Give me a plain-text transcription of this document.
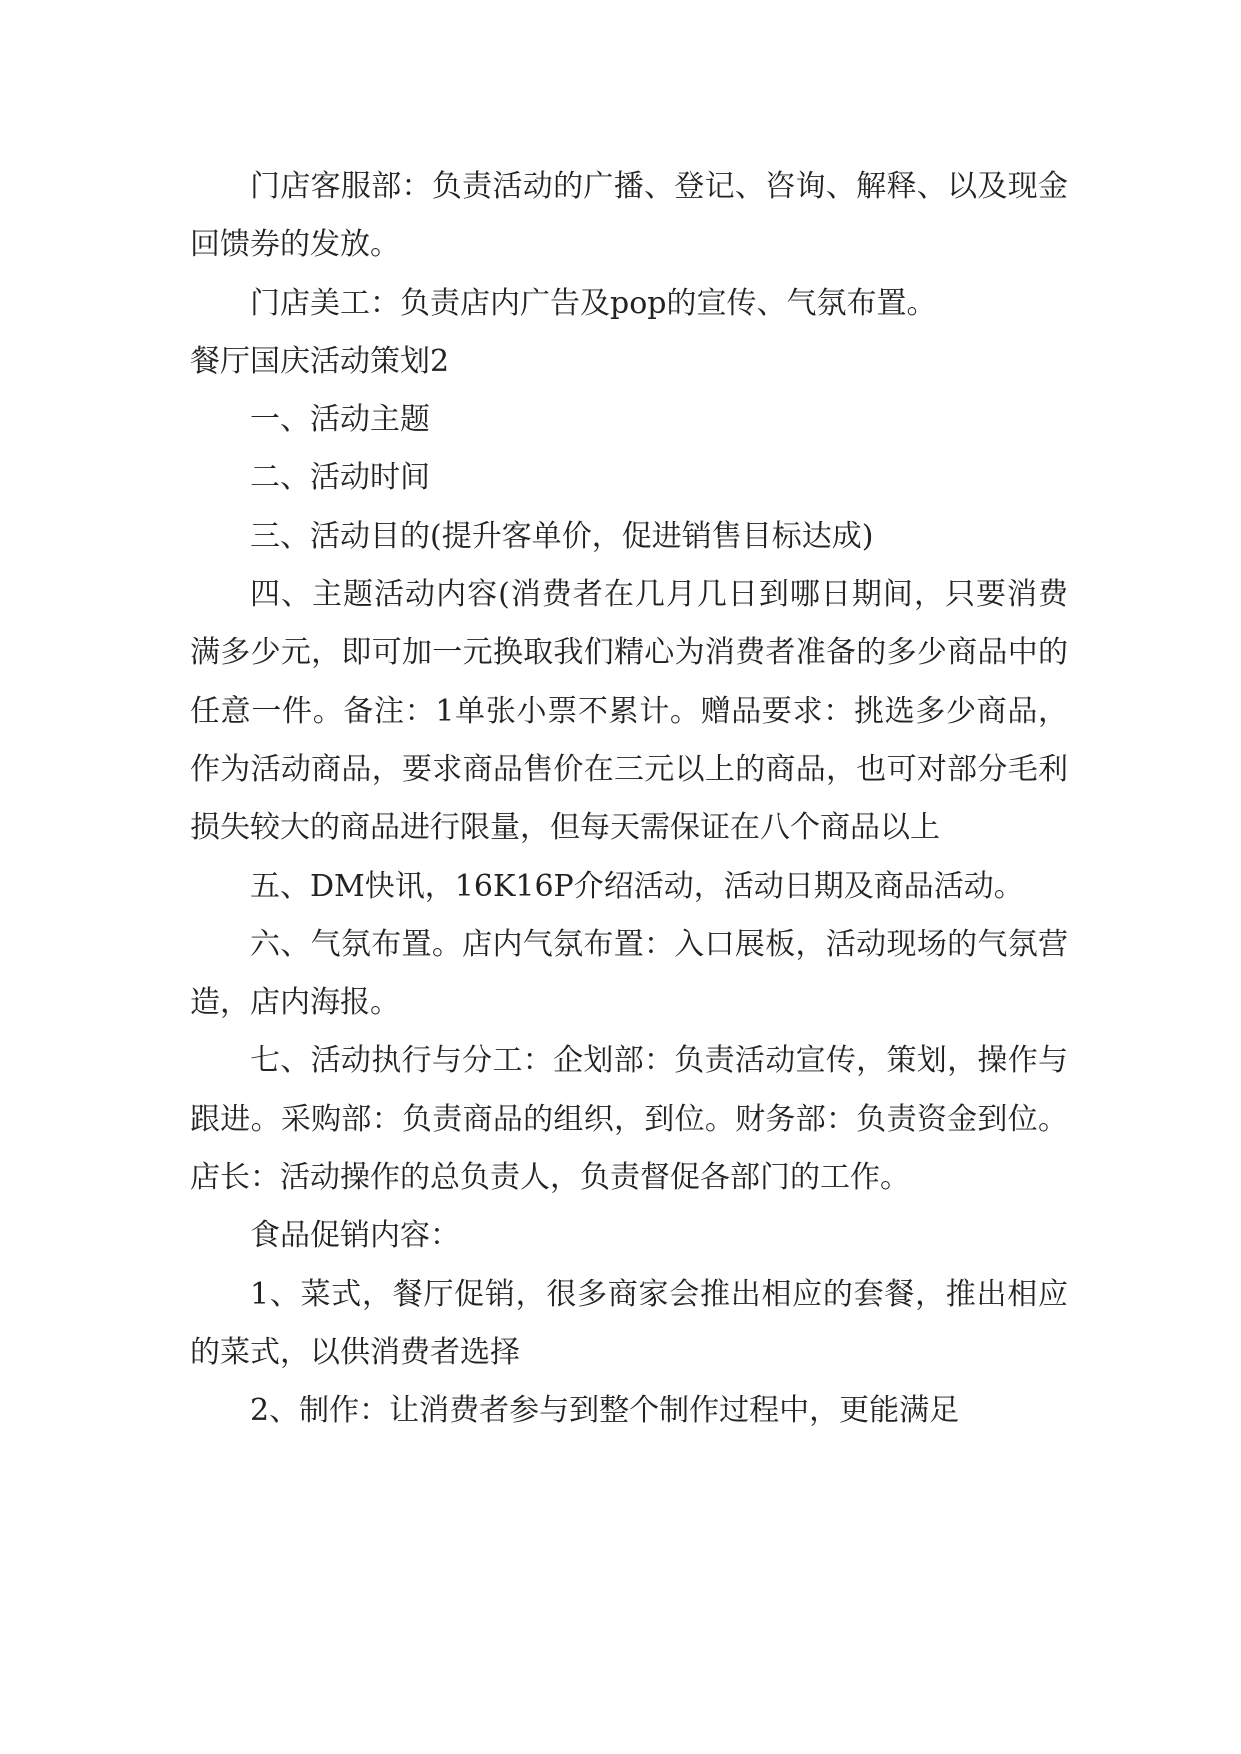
门店客服部：负责活动的广播、登记、咨询、解释、以及现金回馈券的发放。

门店美工：负责店内广告及pop的宣传、气氛布置。

餐厅国庆活动策划2

一、活动主题

二、活动时间

三、活动目的(提升客单价，促进销售目标达成)

四、主题活动内容(消费者在几月几日到哪日期间，只要消费满多少元，即可加一元换取我们精心为消费者准备的多少商品中的任意一件。备注：1单张小票不累计。赠品要求：挑选多少商品，作为活动商品，要求商品售价在三元以上的商品，也可对部分毛利损失较大的商品进行限量，但每天需保证在八个商品以上

五、DM快讯，16K16P介绍活动，活动日期及商品活动。

六、气氛布置。店内气氛布置：入口展板，活动现场的气氛营造，店内海报。

七、活动执行与分工：企划部：负责活动宣传，策划，操作与跟进。采购部：负责商品的组织，到位。财务部：负责资金到位。店长：活动操作的总负责人，负责督促各部门的工作。

食品促销内容：

1、菜式，餐厅促销，很多商家会推出相应的套餐，推出相应的菜式，以供消费者选择

2、制作：让消费者参与到整个制作过程中，更能满足
